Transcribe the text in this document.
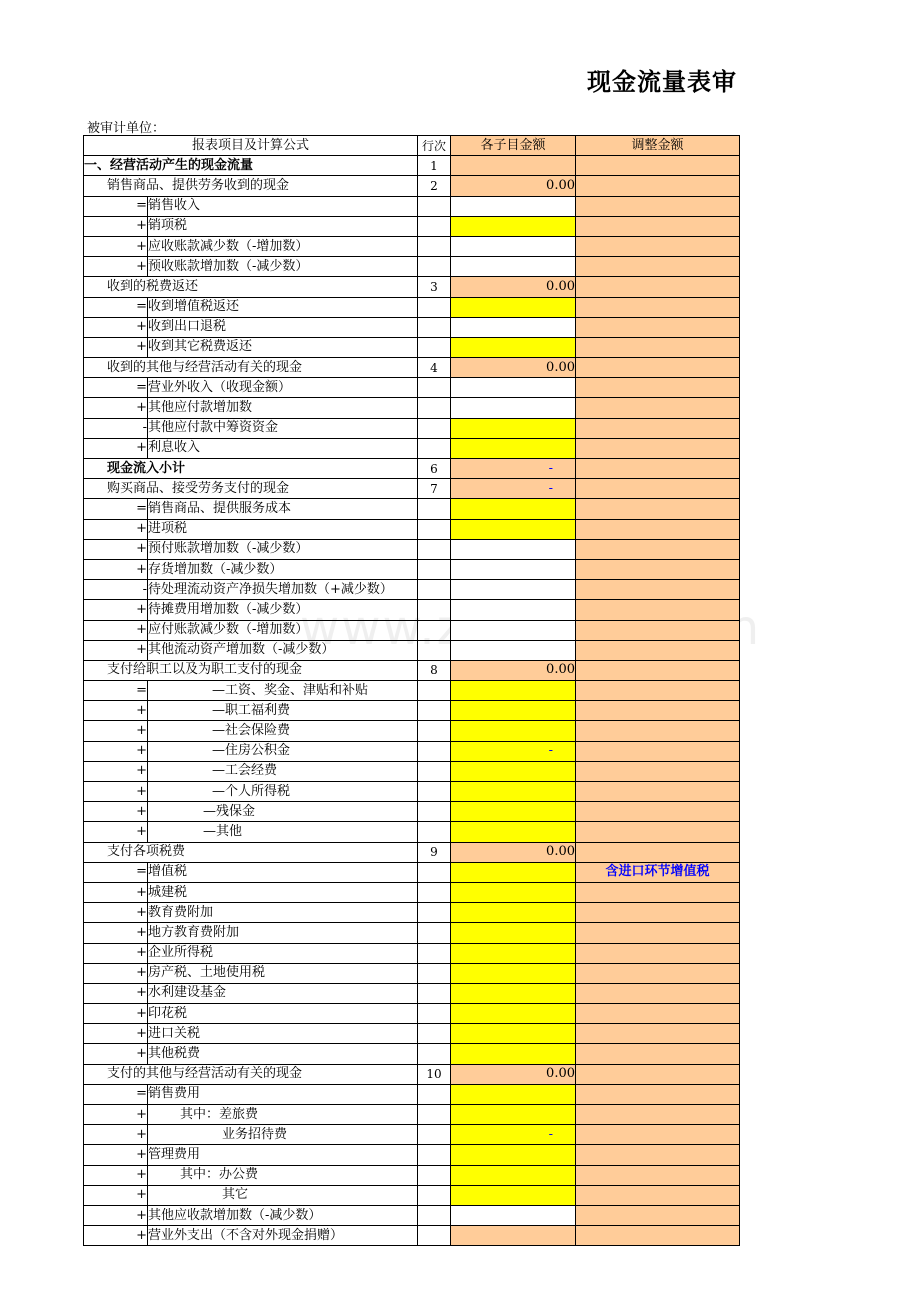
现金流量表审
被审计单位：
报表项目及计算公式		行次	各子目金额	调整金额
一、经营活动产生的现金流量		1		
销售商品、提供劳务收到的现金		2	0.00	
=	销售收入			
+	销项税			
+	应收账款减少数（-增加数）			
+	预收账款增加数（-减少数）			
收到的税费返还		3	0.00	
=	收到增值税返还			
+	收到出口退税			
+	收到其它税费返还			
收到的其他与经营活动有关的现金		4	0.00	
=	营业外收入（收现金额）			
+	其他应付款增加数			
-	其他应付款中筹资资金			
+	利息收入			
现金流入小计		6	-	
购买商品、接受劳务支付的现金		7	-	
=	销售商品、提供服务成本			
+	进项税			
+	预付账款增加数（-减少数）			
+	存货增加数（-减少数）			
-	待处理流动资产净损失增加数（+减少数）			
+	待摊费用增加数（-减少数）			
+	应付账款减少数（-增加数）			
+	其他流动资产增加数（-减少数）			
支付给职工以及为职工支付的现金		8	0.00	
=	—工资、奖金、津贴和补贴			
+	—职工福利费			
+	—社会保险费			
+	—住房公积金		-	
+	—工会经费			
+	—个人所得税			
+	—残保金			
+	—其他			
支付各项税费		9	0.00	
=	增值税			含进口环节增值税
+	城建税			
+	教育费附加			
+	地方教育费附加			
+	企业所得税			
+	房产税、土地使用税			
+	水利建设基金			
+	印花税			
+	进口关税			
+	其他税费			
支付的其他与经营活动有关的现金		10	0.00	
=	销售费用			
+	其中：差旅费			
+	业务招待费		-	
+	管理费用			
+	其中：办公费			
+	其它			
+	其他应收款增加数（-减少数）			
+	营业外支出（不含对外现金捐赠）			
